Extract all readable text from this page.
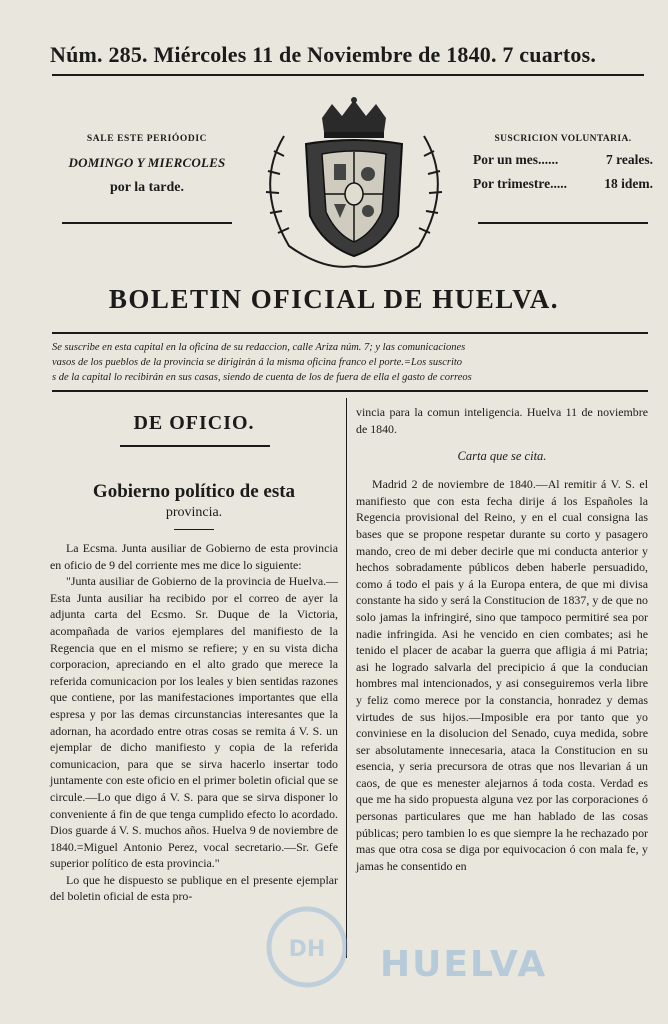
Núm. 285. Miércoles 11 de Noviembre de 1840. 7 cuartos.
SALE ESTE PERIÓODIC
DOMINGO Y MIERCOLES
por la tarde.
SUSCRICION VOLUNTARIA.
Por un mes......	7 reales.
Por trimestre.....	18 idem.
BOLETIN OFICIAL DE HUELVA.

Se suscribe en esta capital en la oficina de su redaccion, calle Ariza núm. 7; y las comunicaciones

vasos de los pueblos de la provincia se dirigirán á la misma oficina franco el porte.=Los suscrito

s de la capital lo recibirán en sus casas, siendo de cuenta de los de fuera de ella el gasto de correos

DE OFICIO.
Gobierno político de esta
provincia.

La Ecsma. Junta ausiliar de Gobierno de esta provincia en oficio de 9 del corriente mes me dice lo siguiente:

"Junta ausiliar de Gobierno de la provincia de Huelva.—Esta Junta ausiliar ha recibido por el correo de ayer la adjunta carta del Ecsmo. Sr. Duque de la Victoria, acompañada de varios ejemplares del manifiesto de la Regencia que en el mismo se refiere; y en su vista dicha corporacion, apreciando en el alto grado que merece la referida comunicacion por los leales y bien sentidas razones que contiene, por las manifestaciones importantes que ella espresa y por las demas circunstancias interesantes que la adornan, ha acordado entre otras cosas se remita á V. S. un ejemplar de dicho manifiesto y copia de la referida comunicacion, para que se sirva hacerlo insertar todo juntamente con este oficio en el primer boletin oficial que se circule.—Lo que digo á V. S. para que se sirva disponer lo conveniente á fin de que tenga cumplido efecto lo acordado. Dios guarde á V. S. muchos años. Huelva 9 de noviembre de 1840.=Miguel Antonio Perez, vocal secretario.—Sr. Gefe superior político de esta provincia."

Lo que he dispuesto se publique en el presente ejemplar del boletin oficial de esta pro-

vincia para la comun inteligencia. Huelva 11 de noviembre de 1840.

Carta que se cita.

Madrid 2 de noviembre de 1840.—Al remitir á V. S. el manifiesto que con esta fecha dirije á los Españoles la Regencia provisional del Reino, y en el cual consigna las bases que se propone respetar durante su corto y pasagero mando, creo de mi deber decirle que mi conducta anterior y hechos sobradamente públicos deben haberle persuadido, como á todo el pais y á la Europa entera, de que mi divisa constante ha sido y será la Constitucion de 1837, y de que no solo jamas la infringiré, sino que tampoco permitiré sea por nadie infringida. Asi he vencido en cien combates; asi he tenido el placer de acabar la guerra que afligia á mi Patria; asi he logrado salvarla del precipicio á que la conducian hombres mal intencionados, y asi conseguiremos verla libre y feliz como merece por la constancia, honradez y demas virtudes de sus hijos.—Imposible era por tanto que yo conviniese en la disolucion del Senado, cuya medida, sobre ser absolutamente innecesaria, ataca la Constitucion en su esencia, y seria precursora de otras que nos llevarian á un caos, de que es menester alejarnos á toda costa. Verdad es que me ha sido propuesta alguna vez por las corporaciones ó personas particulares que me han hablado de las cosas públicas; pero tambien lo es que siempre la he rechazado por mas que otra cosa se diga por equivocacion ó con mala fe, y jamas he consentido en

DH HUELVA
